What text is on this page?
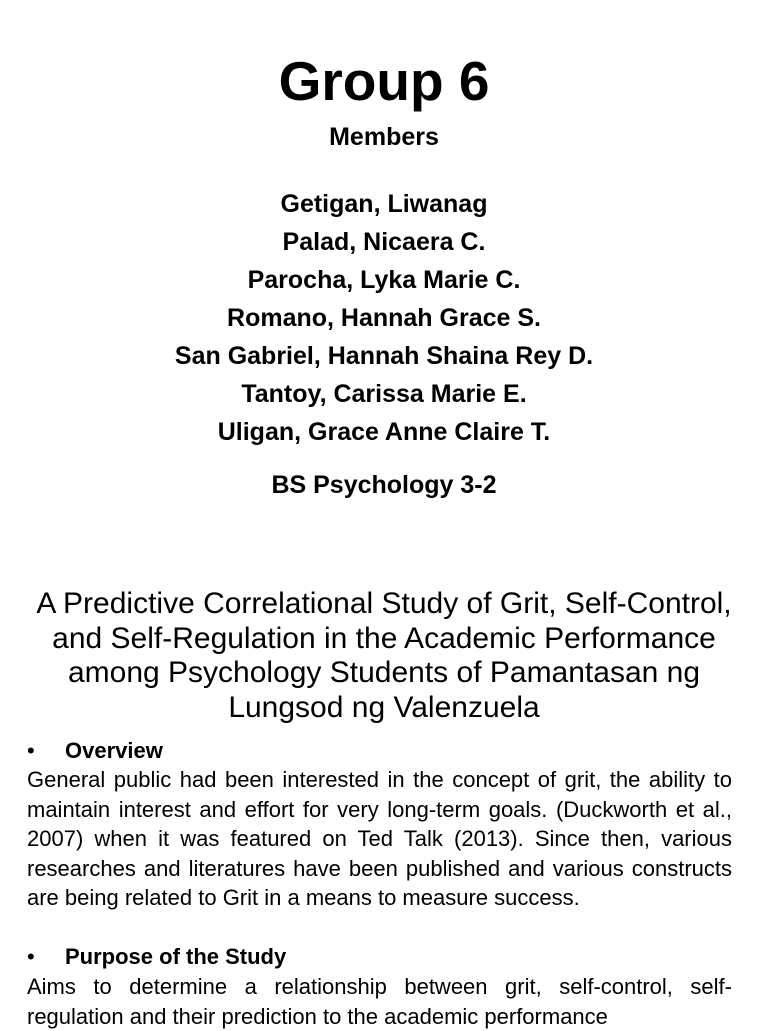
Group 6
Members
Getigan, Liwanag
Palad, Nicaera C.
Parocha, Lyka Marie C.
Romano, Hannah Grace S.
San Gabriel, Hannah Shaina Rey D.
Tantoy, Carissa Marie E.
Uligan, Grace Anne Claire T.
BS Psychology 3-2
A Predictive Correlational Study of Grit, Self-Control, and Self-Regulation in the Academic Performance among Psychology Students of Pamantasan ng Lungsod ng Valenzuela
• Overview

General public had been interested in the concept of grit, the ability to maintain interest and effort for very long-term goals. (Duckworth et al., 2007) when it was featured on Ted Talk (2013). Since then, various researches and literatures have been published and various constructs are being related to Grit in a means to measure success.

• Purpose of the Study

Aims to determine a relationship between grit, self-control, self-regulation and their prediction to the academic performance
